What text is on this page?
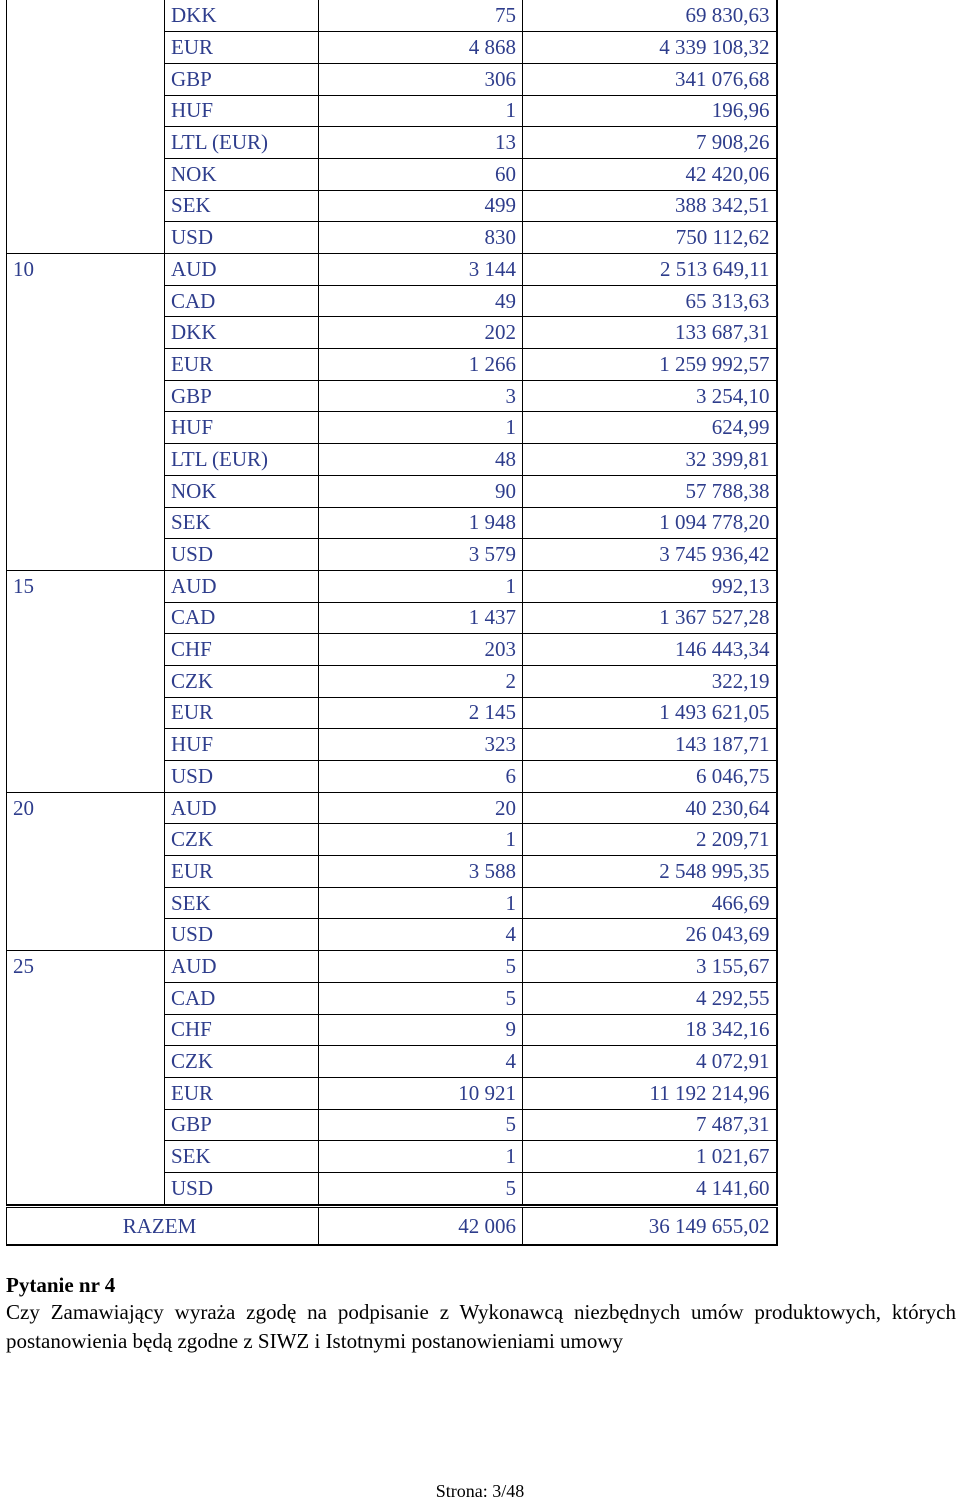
	DKK	75	69 830,63
	EUR	4 868	4 339 108,32
	GBP	306	341 076,68
	HUF	1	196,96
	LTL (EUR)	13	7 908,26
	NOK	60	42 420,06
	SEK	499	388 342,51
	USD	830	750 112,62
10	AUD	3 144	2 513 649,11
	CAD	49	65 313,63
	DKK	202	133 687,31
	EUR	1 266	1 259 992,57
	GBP	3	3 254,10
	HUF	1	624,99
	LTL (EUR)	48	32 399,81
	NOK	90	57 788,38
	SEK	1 948	1 094 778,20
	USD	3 579	3 745 936,42
15	AUD	1	992,13
	CAD	1 437	1 367 527,28
	CHF	203	146 443,34
	CZK	2	322,19
	EUR	2 145	1 493 621,05
	HUF	323	143 187,71
	USD	6	6 046,75
20	AUD	20	40 230,64
	CZK	1	2 209,71
	EUR	3 588	2 548 995,35
	SEK	1	466,69
	USD	4	26 043,69
25	AUD	5	3 155,67
	CAD	5	4 292,55
	CHF	9	18 342,16
	CZK	4	4 072,91
	EUR	10 921	11 192 214,96
	GBP	5	7 487,31
	SEK	1	1 021,67
	USD	5	4 141,60
RAZEM	42 006	36 149 655,02

Pytanie nr 4

Czy Zamawiający wyraża zgodę na podpisanie z Wykonawcą niezbędnych umów produktowych, których postanowienia będą zgodne z SIWZ i Istotnymi postanowieniami umowy

Strona: 3/48
